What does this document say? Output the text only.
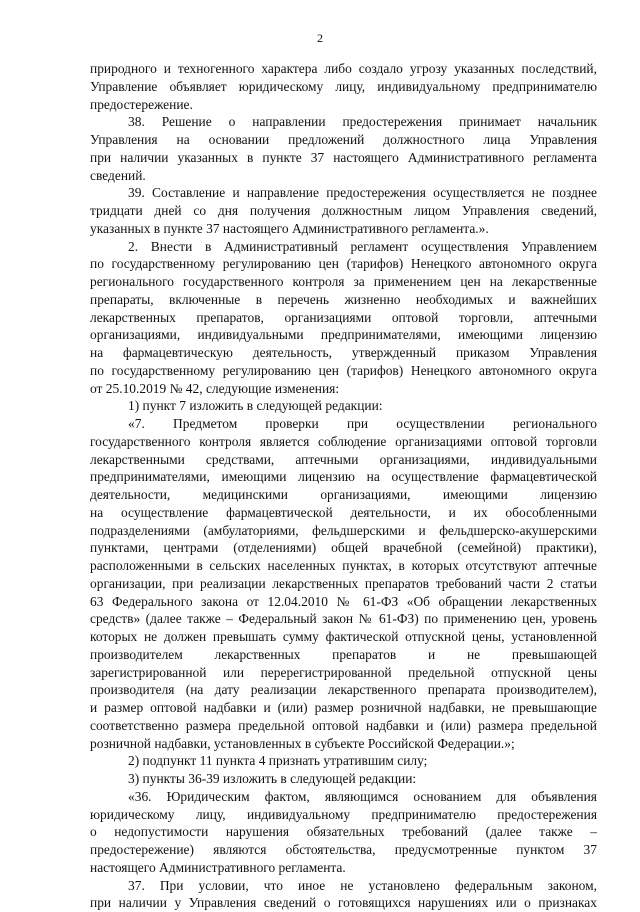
2

природного и техногенного характера либо создало угрозу указанных последствий,

Управление объявляет юридическому лицу, индивидуальному предпринимателю

предостережение.

38. Решение о направлении предостережения принимает начальник

Управления на основании предложений должностного лица Управления

при наличии указанных в пункте 37 настоящего Административного регламента

сведений.

39. Составление и направление предостережения осуществляется не позднее

тридцати дней со дня получения должностным лицом Управления сведений,

указанных в пункте 37 настоящего Административного регламента.».

2. Внести в Административный регламент осуществления Управлением

по государственному регулированию цен (тарифов) Ненецкого автономного округа

регионального государственного контроля за применением цен на лекарственные

препараты, включенные в перечень жизненно необходимых и важнейших

лекарственных препаратов, организациями оптовой торговли, аптечными

организациями, индивидуальными предпринимателями, имеющими лицензию

на фармацевтическую деятельность, утвержденный приказом Управления

по государственному регулированию цен (тарифов) Ненецкого автономного округа

от 25.10.2019 № 42, следующие изменения:

1) пункт 7 изложить в следующей редакции:

«7. Предметом проверки при осуществлении регионального

государственного контроля является соблюдение организациями оптовой торговли

лекарственными средствами, аптечными организациями, индивидуальными

предпринимателями, имеющими лицензию на осуществление фармацевтической

деятельности, медицинскими организациями, имеющими лицензию

на осуществление фармацевтической деятельности, и их обособленными

подразделениями (амбулаториями, фельдшерскими и фельдшерско-акушерскими

пунктами, центрами (отделениями) общей врачебной (семейной) практики),

расположенными в сельских населенных пунктах, в которых отсутствуют аптечные

организации, при реализации лекарственных препаратов требований части 2 статьи

63 Федерального закона от 12.04.2010 № 61-ФЗ «Об обращении лекарственных

средств» (далее также – Федеральный закон № 61-ФЗ) по применению цен, уровень

которых не должен превышать сумму фактической отпускной цены, установленной

производителем лекарственных препаратов и не превышающей

зарегистрированной или перерегистрированной предельной отпускной цены

производителя (на дату реализации лекарственного препарата производителем),

и размер оптовой надбавки и (или) размер розничной надбавки, не превышающие

соответственно размера предельной оптовой надбавки и (или) размера предельной

розничной надбавки, установленных в субъекте Российской Федерации.»;

2) подпункт 11 пункта 4 признать утратившим силу;

3) пункты 36-39 изложить в следующей редакции:

«36. Юридическим фактом, являющимся основанием для объявления

юридическому лицу, индивидуальному предпринимателю предостережения

о недопустимости нарушения обязательных требований (далее также –

предостережение) являются обстоятельства, предусмотренные пунктом 37

настоящего Административного регламента.

37. При условии, что иное не установлено федеральным законом,

при наличии у Управления сведений о готовящихся нарушениях или о признаках
